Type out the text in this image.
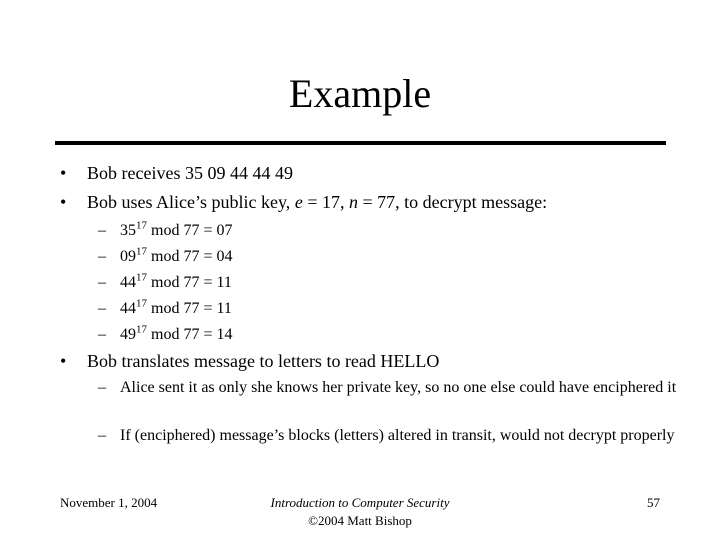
Example
• Bob receives 35 09 44 44 49
• Bob uses Alice’s public key, e = 17, n = 77, to decrypt message:
– $35^{17}$ mod 77 = 07
– $09^{17}$ mod 77 = 04
– $44^{17}$ mod 77 = 11
– $44^{17}$ mod 77 = 11
– $49^{17}$ mod 77 = 14
• Bob translates message to letters to read HELLO
– Alice sent it as only she knows her private key, so no one else could have enciphered it
– If (enciphered) message’s blocks (letters) altered in transit, would not decrypt properly
November 1, 2004	Introduction to Computer Security
©2004 Matt Bishop
57
